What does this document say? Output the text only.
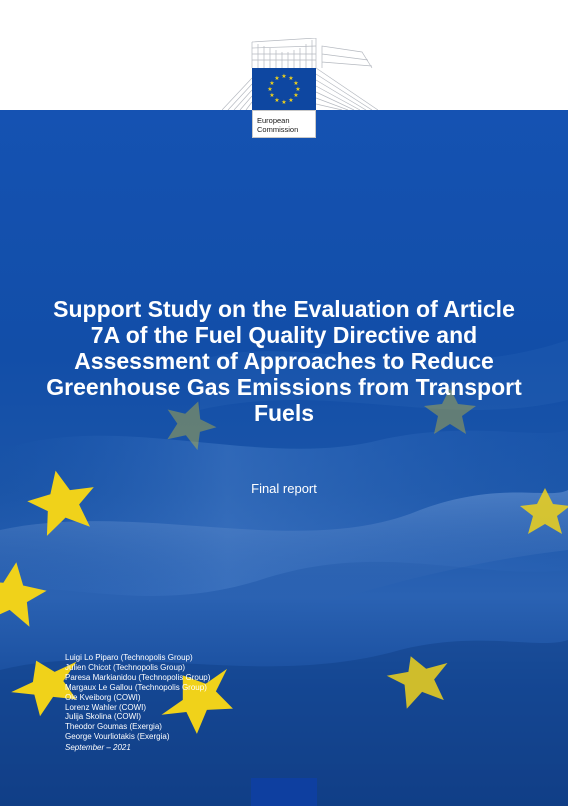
★ ★
★
★
★
★
★
★
★
★
★
★
European
Commission
Support Study on the Evaluation of Article 7A of the Fuel Quality Directive and Assessment of Approaches to Reduce Greenhouse Gas Emissions from Transport Fuels

Final report

Luigi Lo Piparo (Technopolis Group)
Julien Chicot (Technopolis Group)
Paresa Markianidou (Technopolis Group)
Margaux Le Gallou (Technopolis Group)
Ole Kveiborg (COWI)
Lorenz Wahler (COWI)
Julija Skolina (COWI)
Theodor Goumas (Exergia)
George Vourliotakis (Exergia)

September – 2021
